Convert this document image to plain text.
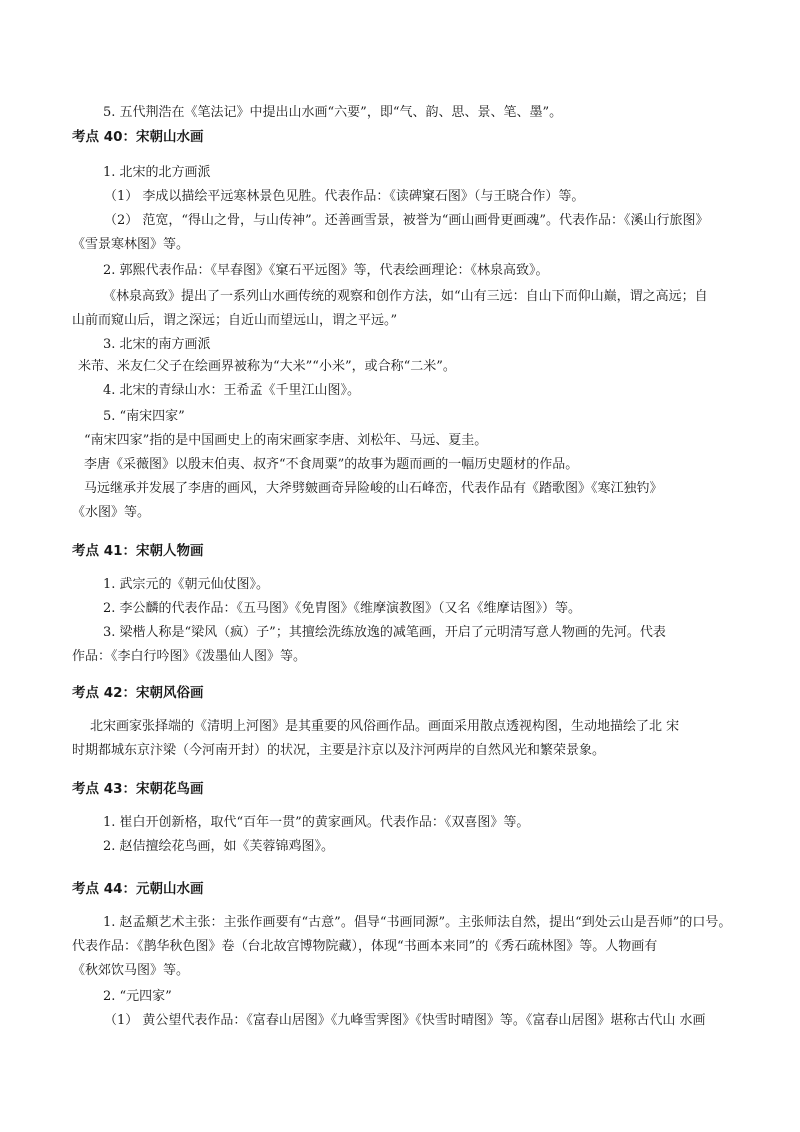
5. 五代荆浩在《笔法记》中提出山水画“六要”，即“气、韵、思、景、笔、墨”。
考点 40：宋朝山水画
1. 北宋的北方画派
（1） 李成以描绘平远寒林景色见胜。代表作品：《读碑窠石图》（与王晓合作）等。
（2） 范宽，“得山之骨，与山传神”。还善画雪景，被誉为“画山画骨更画魂”。代表作品：《溪山行旅图》
《雪景寒林图》等。
2. 郭熙代表作品：《早春图》《窠石平远图》等，代表绘画理论：《林泉高致》。
《林泉高致》提出了一系列山水画传统的观察和创作方法，如“山有三远：自山下而仰山巅，谓之高远；自
山前而窥山后，谓之深远；自近山而望远山，谓之平远。”
3. 北宋的南方画派
米芾、米友仁父子在绘画界被称为“大米”“小米”，或合称“二米”。
4. 北宋的青绿山水：王希孟《千里江山图》。
5. “南宋四家”
“南宋四家”指的是中国画史上的南宋画家李唐、刘松年、马远、夏圭。
李唐《采薇图》以殷末伯夷、叔齐“不食周粟”的故事为题而画的一幅历史题材的作品。
马远继承并发展了李唐的画风，大斧劈皴画奇异险峻的山石峰峦，代表作品有《踏歌图》《寒江独钓》
《水图》等。
考点 41：宋朝人物画
1. 武宗元的《朝元仙仗图》。
2. 李公麟的代表作品：《五马图》《免胄图》《维摩演教图》（又名《维摩诘图》）等。
3. 梁楷人称是“梁风（疯）子”；其擅绘洗练放逸的减笔画，开启了元明清写意人物画的先河。代表
作品：《李白行吟图》《泼墨仙人图》等。
考点 42：宋朝风俗画
北宋画家张择端的《清明上河图》是其重要的风俗画作品。画面采用散点透视构图，生动地描绘了北 宋
时期都城东京汴梁（今河南开封）的状况，主要是汴京以及汴河两岸的自然风光和繁荣景象。
考点 43：宋朝花鸟画
1. 崔白开创新格，取代“百年一贯”的黄家画风。代表作品：《双喜图》等。
2. 赵佶擅绘花鸟画，如《芙蓉锦鸡图》。
考点 44：元朝山水画
1. 赵孟頫艺术主张：主张作画要有“古意”。倡导“书画同源”。主张师法自然，提出“到处云山是吾师”的口号。
代表作品：《鹊华秋色图》卷（台北故宫博物院藏），体现“书画本来同”的《秀石疏林图》等。人物画有
《秋郊饮马图》等。
2. “元四家”
（1） 黄公望代表作品：《富春山居图》《九峰雪霁图》《快雪时晴图》等。《富春山居图》堪称古代山 水画
